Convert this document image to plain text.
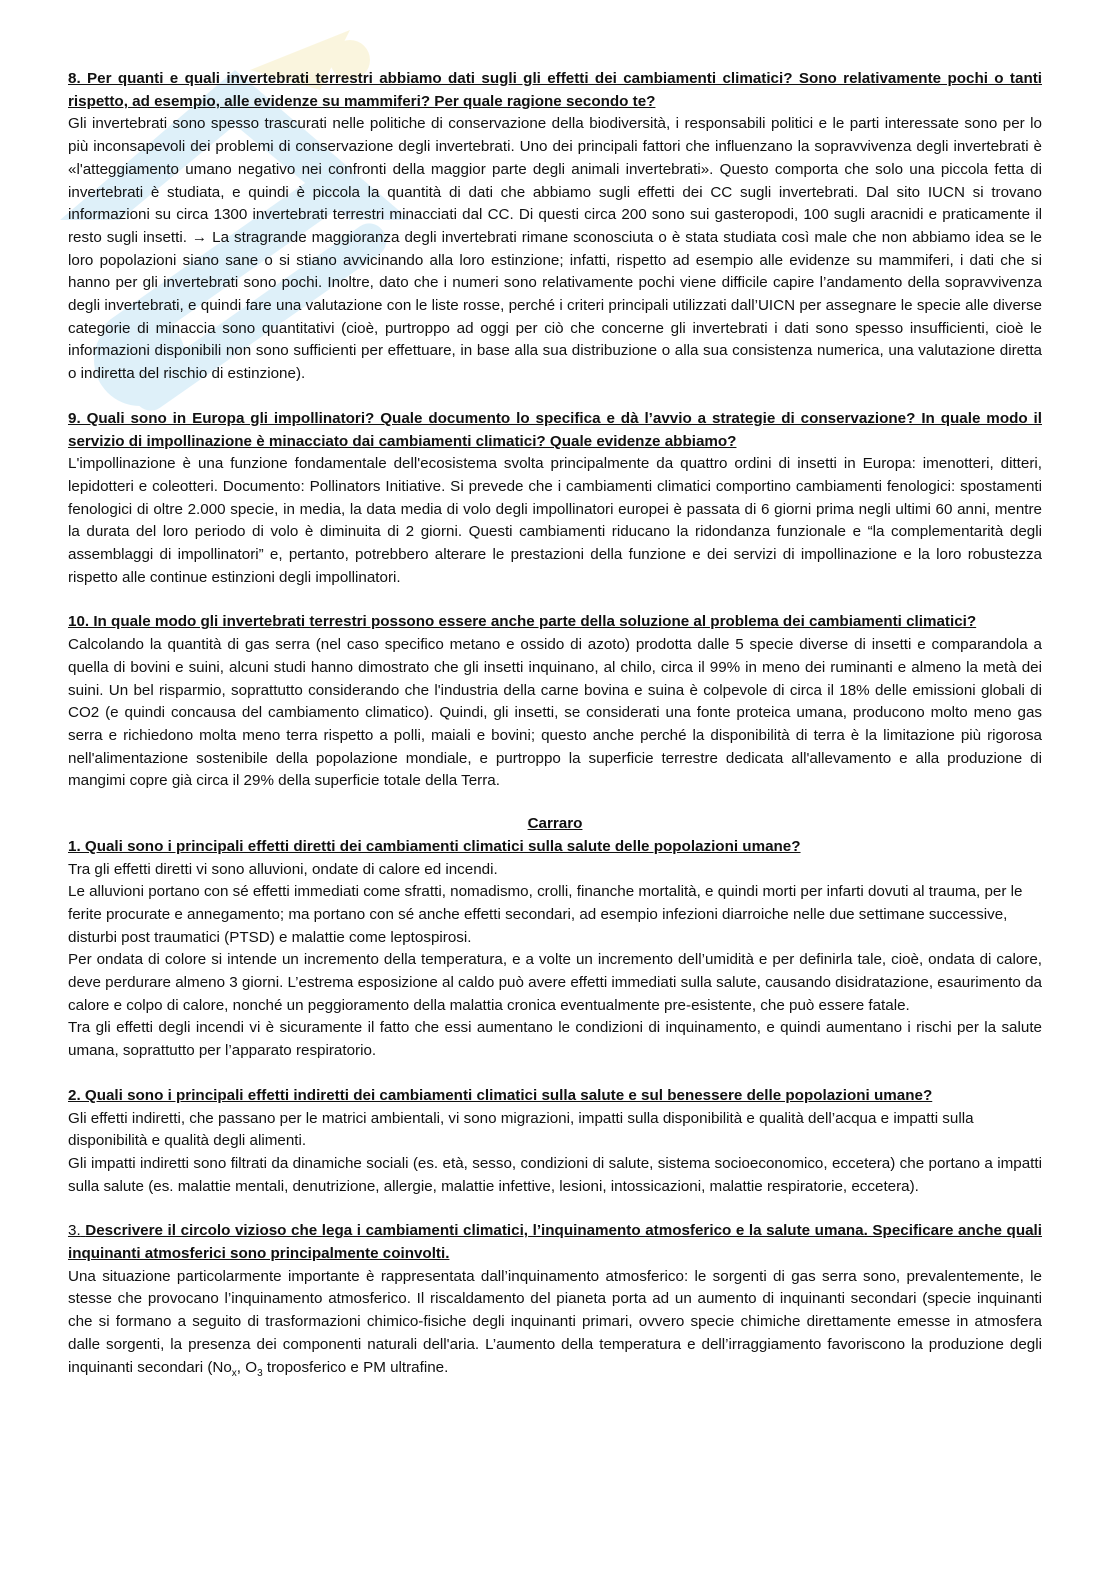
8. Per quanti e quali invertebrati terrestri abbiamo dati sugli gli effetti dei cambiamenti climatici? Sono relativamente pochi o tanti rispetto, ad esempio, alle evidenze su mammiferi? Per quale ragione secondo te?

Gli invertebrati sono spesso trascurati nelle politiche di conservazione della biodiversità, i responsabili politici e le parti interessate sono per lo più inconsapevoli dei problemi di conservazione degli invertebrati. Uno dei principali fattori che influenzano la sopravvivenza degli invertebrati è «l'atteggiamento umano negativo nei confronti della maggior parte degli animali invertebrati». Questo comporta che solo una piccola fetta di invertebrati è studiata, e quindi è piccola la quantità di dati che abbiamo sugli effetti dei CC sugli invertebrati. Dal sito IUCN si trovano informazioni su circa 1300 invertebrati terrestri minacciati dal CC. Di questi circa 200 sono sui gasteropodi, 100 sugli aracnidi e praticamente il resto sugli insetti. → La stragrande maggioranza degli invertebrati rimane sconosciuta o è stata studiata così male che non abbiamo idea se le loro popolazioni siano sane o si stiano avvicinando alla loro estinzione; infatti, rispetto ad esempio alle evidenze su mammiferi, i dati che si hanno per gli invertebrati sono pochi. Inoltre, dato che i numeri sono relativamente pochi viene difficile capire l’andamento della sopravvivenza degli invertebrati, e quindi fare una valutazione con le liste rosse, perché i criteri principali utilizzati dall’UICN per assegnare le specie alle diverse categorie di minaccia sono quantitativi (cioè, purtroppo ad oggi per ciò che concerne gli invertebrati i dati sono spesso insufficienti, cioè le informazioni disponibili non sono sufficienti per effettuare, in base alla sua distribuzione o alla sua consistenza numerica, una valutazione diretta o indiretta del rischio di estinzione).

9. Quali sono in Europa gli impollinatori? Quale documento lo specifica e dà l’avvio a strategie di conservazione? In quale modo il servizio di impollinazione è minacciato dai cambiamenti climatici? Quale evidenze abbiamo?

L'impollinazione è una funzione fondamentale dell'ecosistema svolta principalmente da quattro ordini di insetti in Europa: imenotteri, ditteri, lepidotteri e coleotteri. Documento: Pollinators Initiative. Si prevede che i cambiamenti climatici comportino cambiamenti fenologici: spostamenti fenologici di oltre 2.000 specie, in media, la data media di volo degli impollinatori europei è passata di 6 giorni prima negli ultimi 60 anni, mentre la durata del loro periodo di volo è diminuita di 2 giorni. Questi cambiamenti riducano la ridondanza funzionale e “la complementarità degli assemblaggi di impollinatori” e, pertanto, potrebbero alterare le prestazioni della funzione e dei servizi di impollinazione e la loro robustezza rispetto alle continue estinzioni degli impollinatori.

10. In quale modo gli invertebrati terrestri possono essere anche parte della soluzione al problema dei cambiamenti climatici?

Calcolando la quantità di gas serra (nel caso specifico metano e ossido di azoto) prodotta dalle 5 specie diverse di insetti e comparandola a quella di bovini e suini, alcuni studi hanno dimostrato che gli insetti inquinano, al chilo, circa il 99% in meno dei ruminanti e almeno la metà dei suini. Un bel risparmio, soprattutto considerando che l'industria della carne bovina e suina è colpevole di circa il 18% delle emissioni globali di CO2 (e quindi concausa del cambiamento climatico). Quindi, gli insetti, se considerati una fonte proteica umana, producono molto meno gas serra e richiedono molta meno terra rispetto a polli, maiali e bovini; questo anche perché la disponibilità di terra è la limitazione più rigorosa nell'alimentazione sostenibile della popolazione mondiale, e purtroppo la superficie terrestre dedicata all'allevamento e alla produzione di mangimi copre già circa il 29% della superficie totale della Terra.

Carraro

1. Quali sono i principali effetti diretti dei cambiamenti climatici sulla salute delle popolazioni umane?

Tra gli effetti diretti vi sono alluvioni, ondate di calore ed incendi.

Le alluvioni portano con sé effetti immediati come sfratti, nomadismo, crolli, finanche mortalità, e quindi morti per infarti dovuti al trauma, per le ferite procurate e annegamento; ma portano con sé anche effetti secondari, ad esempio infezioni diarroiche nelle due settimane successive, disturbi post traumatici (PTSD) e malattie come leptospirosi.

Per ondata di colore si intende un incremento della temperatura, e a volte un incremento dell’umidità e per definirla tale, cioè, ondata di calore, deve perdurare almeno 3 giorni. L’estrema esposizione al caldo può avere effetti immediati sulla salute, causando disidratazione, esaurimento da calore e colpo di calore, nonché un peggioramento della malattia cronica eventualmente pre-esistente, che può essere fatale.

Tra gli effetti degli incendi vi è sicuramente il fatto che essi aumentano le condizioni di inquinamento, e quindi aumentano i rischi per la salute umana, soprattutto per l’apparato respiratorio.

2. Quali sono i principali effetti indiretti dei cambiamenti climatici sulla salute e sul benessere delle popolazioni umane?

Gli effetti indiretti, che passano per le matrici ambientali, vi sono migrazioni, impatti sulla disponibilità e qualità dell’acqua e impatti sulla disponibilità e qualità degli alimenti.

Gli impatti indiretti sono filtrati da dinamiche sociali (es. età, sesso, condizioni di salute, sistema socioeconomico, eccetera) che portano a impatti sulla salute (es. malattie mentali, denutrizione, allergie, malattie infettive, lesioni, intossicazioni, malattie respiratorie, eccetera).

3. Descrivere il circolo vizioso che lega i cambiamenti climatici, l’inquinamento atmosferico e la salute umana. Specificare anche quali inquinanti atmosferici sono principalmente coinvolti.

Una situazione particolarmente importante è rappresentata dall’inquinamento atmosferico: le sorgenti di gas serra sono, prevalentemente, le stesse che provocano l’inquinamento atmosferico. Il riscaldamento del pianeta porta ad un aumento di inquinanti secondari (specie inquinanti che si formano a seguito di trasformazioni chimico-fisiche degli inquinanti primari, ovvero specie chimiche direttamente emesse in atmosfera dalle sorgenti, la presenza dei componenti naturali dell'aria. L’aumento della temperatura e dell’irraggiamento favoriscono la produzione degli inquinanti secondari ($No_x$, $O_3$ troposferico e PM ultrafine.
